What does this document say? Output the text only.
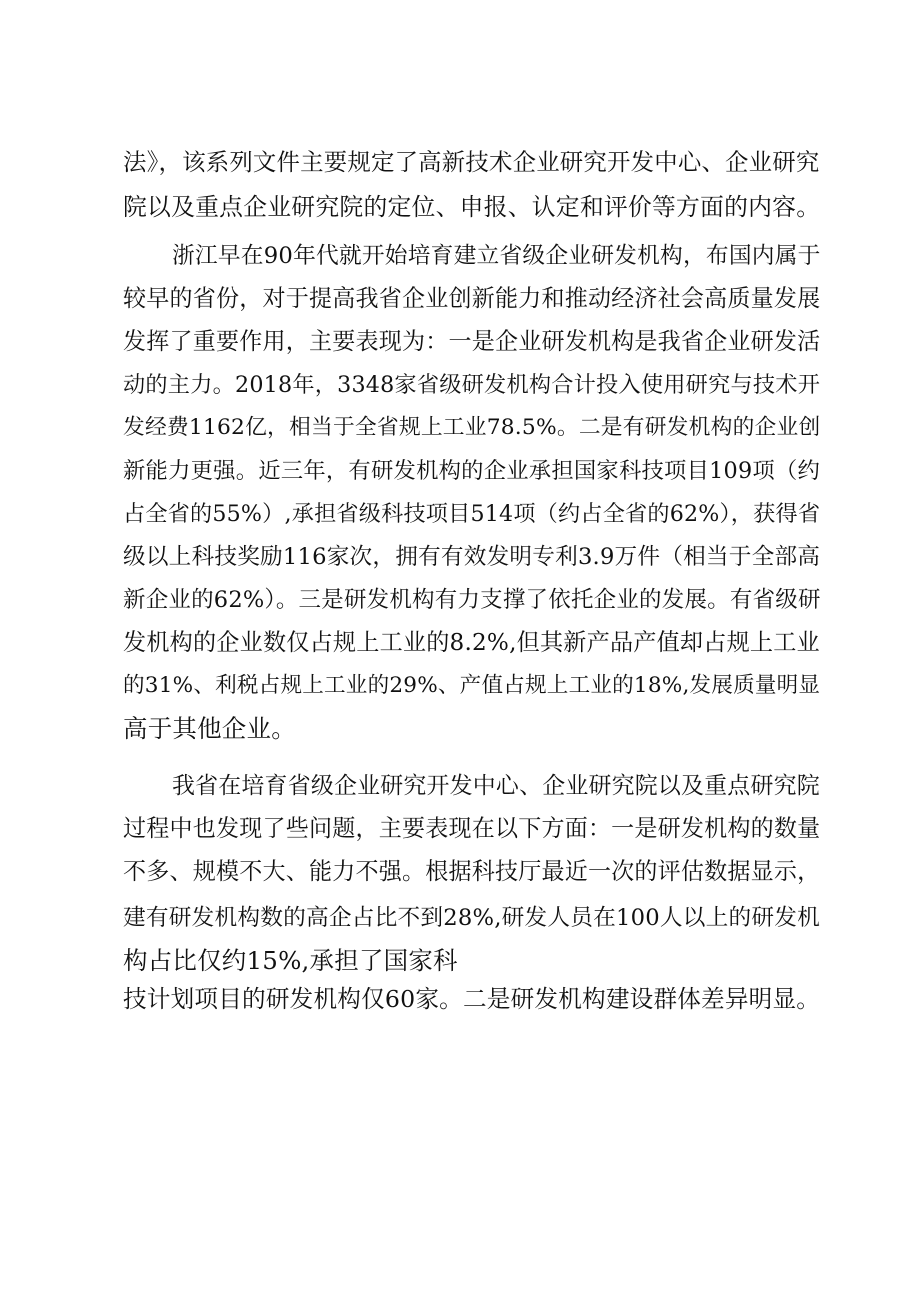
法》，该系列文件主要规定了高新技术企业研究开发中心、企业研究
院以及重点企业研究院的定位、申报、认定和评价等方面的内容。
浙江早在90年代就开始培育建立省级企业研发机构，布国内属于
较早的省份，对于提高我省企业创新能力和推动经济社会高质量发展
发挥了重要作用，主要表现为：一是企业研发机构是我省企业研发活
动的主力。2018年，3348家省级研发机构合计投入使用研究与技术开
发经费1162亿，相当于全省规上工业78.5%。二是有研发机构的企业创
新能力更强。近三年，有研发机构的企业承担国家科技项目109项（约
占全省的55%）,承担省级科技项目514项（约占全省的62%），获得省
级以上科技奖励116家次，拥有有效发明专利3.9万件（相当于全部高
新企业的62%）。三是研发机构有力支撑了依托企业的发展。有省级研
发机构的企业数仅占规上工业的8.2%,但其新产品产值却占规上工业
的31%、利税占规上工业的29%、产值占规上工业的18%,发展质量明显
高于其他企业。
我省在培育省级企业研究开发中心、企业研究院以及重点研究院
过程中也发现了些问题，主要表现在以下方面：一是研发机构的数量
不多、规模不大、能力不强。根据科技厅最近一次的评估数据显示，
建有研发机构数的高企占比不到28%,研发人员在100人以上的研发机
构占比仅约15%,承担了国家科
技计划项目的研发机构仅60家。二是研发机构建设群体差异明显。
